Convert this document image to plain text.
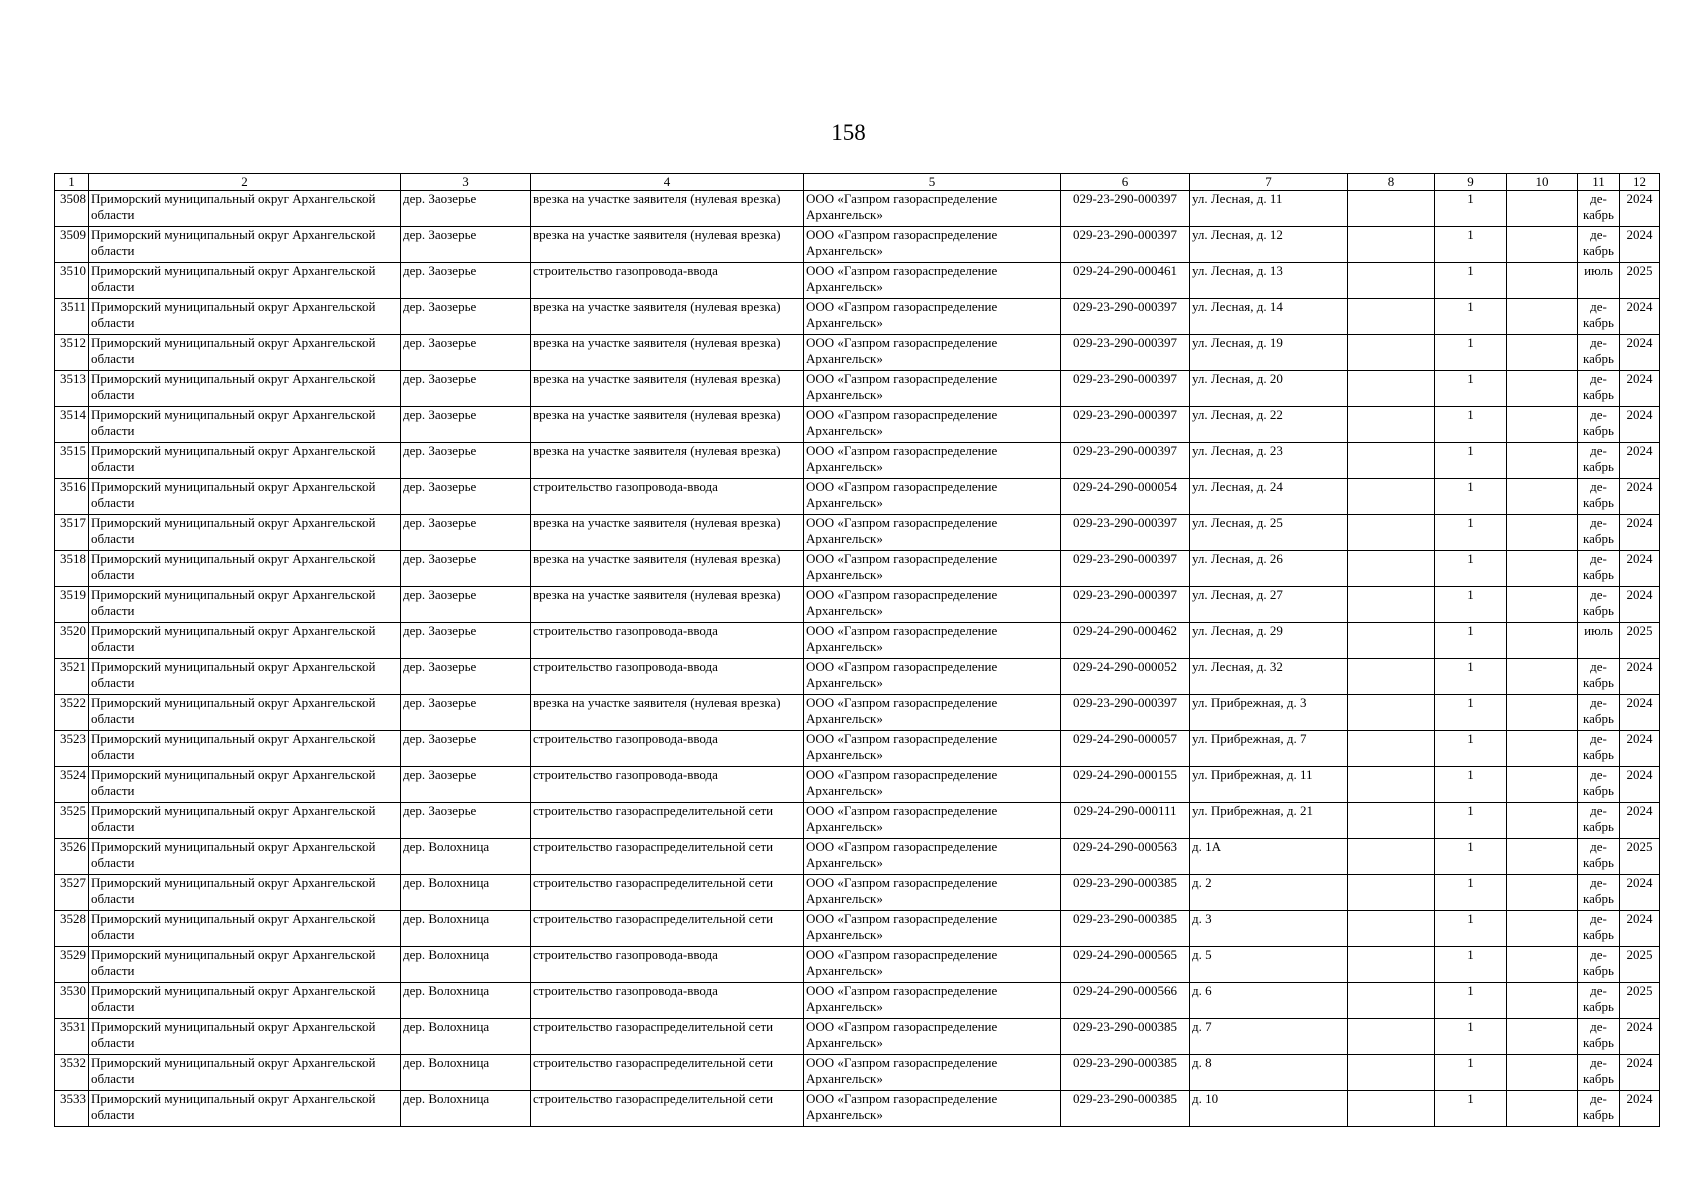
158
1	2	3	4	5	6	7	8	9	10	11	12
3508	Приморский муниципальный округ Архангельской области	дер. Заозерье	врезка на участке заявителя (нулевая врезка)	ООО «Газпром газораспределение Архангельск»	029-23-290-000397	ул. Лесная, д. 11		1		де-кабрь	2024
3509	Приморский муниципальный округ Архангельской области	дер. Заозерье	врезка на участке заявителя (нулевая врезка)	ООО «Газпром газораспределение Архангельск»	029-23-290-000397	ул. Лесная, д. 12		1		де-кабрь	2024
3510	Приморский муниципальный округ Архангельской области	дер. Заозерье	строительство газопровода-ввода	ООО «Газпром газораспределение Архангельск»	029-24-290-000461	ул. Лесная, д. 13		1		июль	2025
3511	Приморский муниципальный округ Архангельской области	дер. Заозерье	врезка на участке заявителя (нулевая врезка)	ООО «Газпром газораспределение Архангельск»	029-23-290-000397	ул. Лесная, д. 14		1		де-кабрь	2024
3512	Приморский муниципальный округ Архангельской области	дер. Заозерье	врезка на участке заявителя (нулевая врезка)	ООО «Газпром газораспределение Архангельск»	029-23-290-000397	ул. Лесная, д. 19		1		де-кабрь	2024
3513	Приморский муниципальный округ Архангельской области	дер. Заозерье	врезка на участке заявителя (нулевая врезка)	ООО «Газпром газораспределение Архангельск»	029-23-290-000397	ул. Лесная, д. 20		1		де-кабрь	2024
3514	Приморский муниципальный округ Архангельской области	дер. Заозерье	врезка на участке заявителя (нулевая врезка)	ООО «Газпром газораспределение Архангельск»	029-23-290-000397	ул. Лесная, д. 22		1		де-кабрь	2024
3515	Приморский муниципальный округ Архангельской области	дер. Заозерье	врезка на участке заявителя (нулевая врезка)	ООО «Газпром газораспределение Архангельск»	029-23-290-000397	ул. Лесная, д. 23		1		де-кабрь	2024
3516	Приморский муниципальный округ Архангельской области	дер. Заозерье	строительство газопровода-ввода	ООО «Газпром газораспределение Архангельск»	029-24-290-000054	ул. Лесная, д. 24		1		де-кабрь	2024
3517	Приморский муниципальный округ Архангельской области	дер. Заозерье	врезка на участке заявителя (нулевая врезка)	ООО «Газпром газораспределение Архангельск»	029-23-290-000397	ул. Лесная, д. 25		1		де-кабрь	2024
3518	Приморский муниципальный округ Архангельской области	дер. Заозерье	врезка на участке заявителя (нулевая врезка)	ООО «Газпром газораспределение Архангельск»	029-23-290-000397	ул. Лесная, д. 26		1		де-кабрь	2024
3519	Приморский муниципальный округ Архангельской области	дер. Заозерье	врезка на участке заявителя (нулевая врезка)	ООО «Газпром газораспределение Архангельск»	029-23-290-000397	ул. Лесная, д. 27		1		де-кабрь	2024
3520	Приморский муниципальный округ Архангельской области	дер. Заозерье	строительство газопровода-ввода	ООО «Газпром газораспределение Архангельск»	029-24-290-000462	ул. Лесная, д. 29		1		июль	2025
3521	Приморский муниципальный округ Архангельской области	дер. Заозерье	строительство газопровода-ввода	ООО «Газпром газораспределение Архангельск»	029-24-290-000052	ул. Лесная, д. 32		1		де-кабрь	2024
3522	Приморский муниципальный округ Архангельской области	дер. Заозерье	врезка на участке заявителя (нулевая врезка)	ООО «Газпром газораспределение Архангельск»	029-23-290-000397	ул. Прибрежная, д. 3		1		де-кабрь	2024
3523	Приморский муниципальный округ Архангельской области	дер. Заозерье	строительство газопровода-ввода	ООО «Газпром газораспределение Архангельск»	029-24-290-000057	ул. Прибрежная, д. 7		1		де-кабрь	2024
3524	Приморский муниципальный округ Архангельской области	дер. Заозерье	строительство газопровода-ввода	ООО «Газпром газораспределение Архангельск»	029-24-290-000155	ул. Прибрежная, д. 11		1		де-кабрь	2024
3525	Приморский муниципальный округ Архангельской области	дер. Заозерье	строительство газораспределительной сети	ООО «Газпром газораспределение Архангельск»	029-24-290-000111	ул. Прибрежная, д. 21		1		де-кабрь	2024
3526	Приморский муниципальный округ Архангельской области	дер. Волохница	строительство газораспределительной сети	ООО «Газпром газораспределение Архангельск»	029-24-290-000563	д. 1А		1		де-кабрь	2025
3527	Приморский муниципальный округ Архангельской области	дер. Волохница	строительство газораспределительной сети	ООО «Газпром газораспределение Архангельск»	029-23-290-000385	д. 2		1		де-кабрь	2024
3528	Приморский муниципальный округ Архангельской области	дер. Волохница	строительство газораспределительной сети	ООО «Газпром газораспределение Архангельск»	029-23-290-000385	д. 3		1		де-кабрь	2024
3529	Приморский муниципальный округ Архангельской области	дер. Волохница	строительство газопровода-ввода	ООО «Газпром газораспределение Архангельск»	029-24-290-000565	д. 5		1		де-кабрь	2025
3530	Приморский муниципальный округ Архангельской области	дер. Волохница	строительство газопровода-ввода	ООО «Газпром газораспределение Архангельск»	029-24-290-000566	д. 6		1		де-кабрь	2025
3531	Приморский муниципальный округ Архангельской области	дер. Волохница	строительство газораспределительной сети	ООО «Газпром газораспределение Архангельск»	029-23-290-000385	д. 7		1		де-кабрь	2024
3532	Приморский муниципальный округ Архангельской области	дер. Волохница	строительство газораспределительной сети	ООО «Газпром газораспределение Архангельск»	029-23-290-000385	д. 8		1		де-кабрь	2024
3533	Приморский муниципальный округ Архангельской области	дер. Волохница	строительство газораспределительной сети	ООО «Газпром газораспределение Архангельск»	029-23-290-000385	д. 10		1		де-кабрь	2024
